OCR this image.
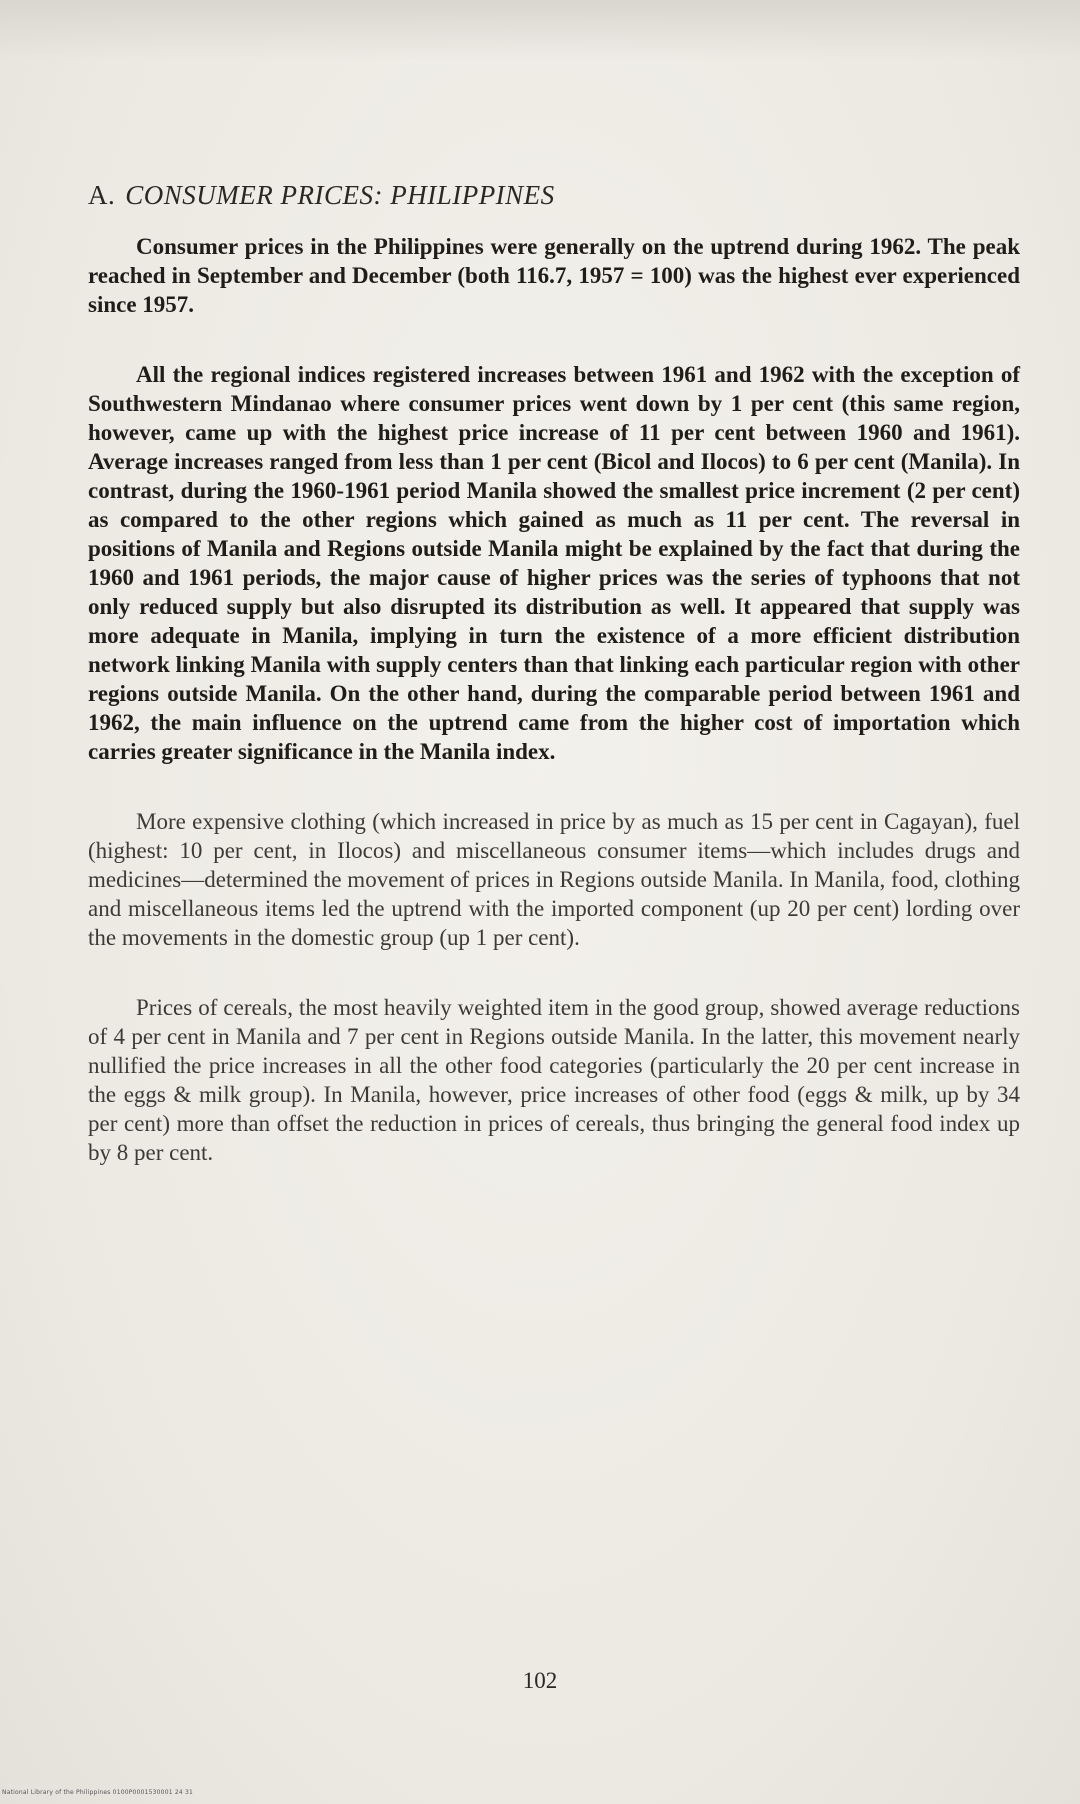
A. CONSUMER PRICES: PHILIPPINES

Consumer prices in the Philippines were generally on the uptrend during 1962. The peak reached in September and December (both 116.7, 1957 = 100) was the highest ever experienced since 1957.

All the regional indices registered increases between 1961 and 1962 with the exception of Southwestern Mindanao where consumer prices went down by 1 per cent (this same region, however, came up with the highest price increase of 11 per cent between 1960 and 1961). Average increases ranged from less than 1 per cent (Bicol and Ilocos) to 6 per cent (Manila). In contrast, during the 1960-1961 period Manila showed the smallest price increment (2 per cent) as compared to the other regions which gained as much as 11 per cent. The reversal in positions of Manila and Regions outside Manila might be explained by the fact that during the 1960 and 1961 periods, the major cause of higher prices was the series of typhoons that not only reduced supply but also disrupted its distribution as well. It appeared that supply was more adequate in Manila, implying in turn the existence of a more efficient distribution network linking Manila with supply centers than that linking each particular region with other regions outside Manila. On the other hand, during the comparable period between 1961 and 1962, the main influence on the uptrend came from the higher cost of importation which carries greater significance in the Manila index.

More expensive clothing (which increased in price by as much as 15 per cent in Cagayan), fuel (highest: 10 per cent, in Ilocos) and miscellaneous consumer items—which includes drugs and medicines—determined the movement of prices in Regions outside Manila. In Manila, food, clothing and miscellaneous items led the uptrend with the imported component (up 20 per cent) lording over the movements in the domestic group (up 1 per cent).

Prices of cereals, the most heavily weighted item in the good group, showed average reductions of 4 per cent in Manila and 7 per cent in Regions outside Manila. In the latter, this movement nearly nullified the price increases in all the other food categories (particularly the 20 per cent increase in the eggs & milk group). In Manila, however, price increases of other food (eggs & milk, up by 34 per cent) more than offset the reduction in prices of cereals, thus bringing the general food index up by 8 per cent.

102
National Library of the Philippines 0100P0001530001 24 31
